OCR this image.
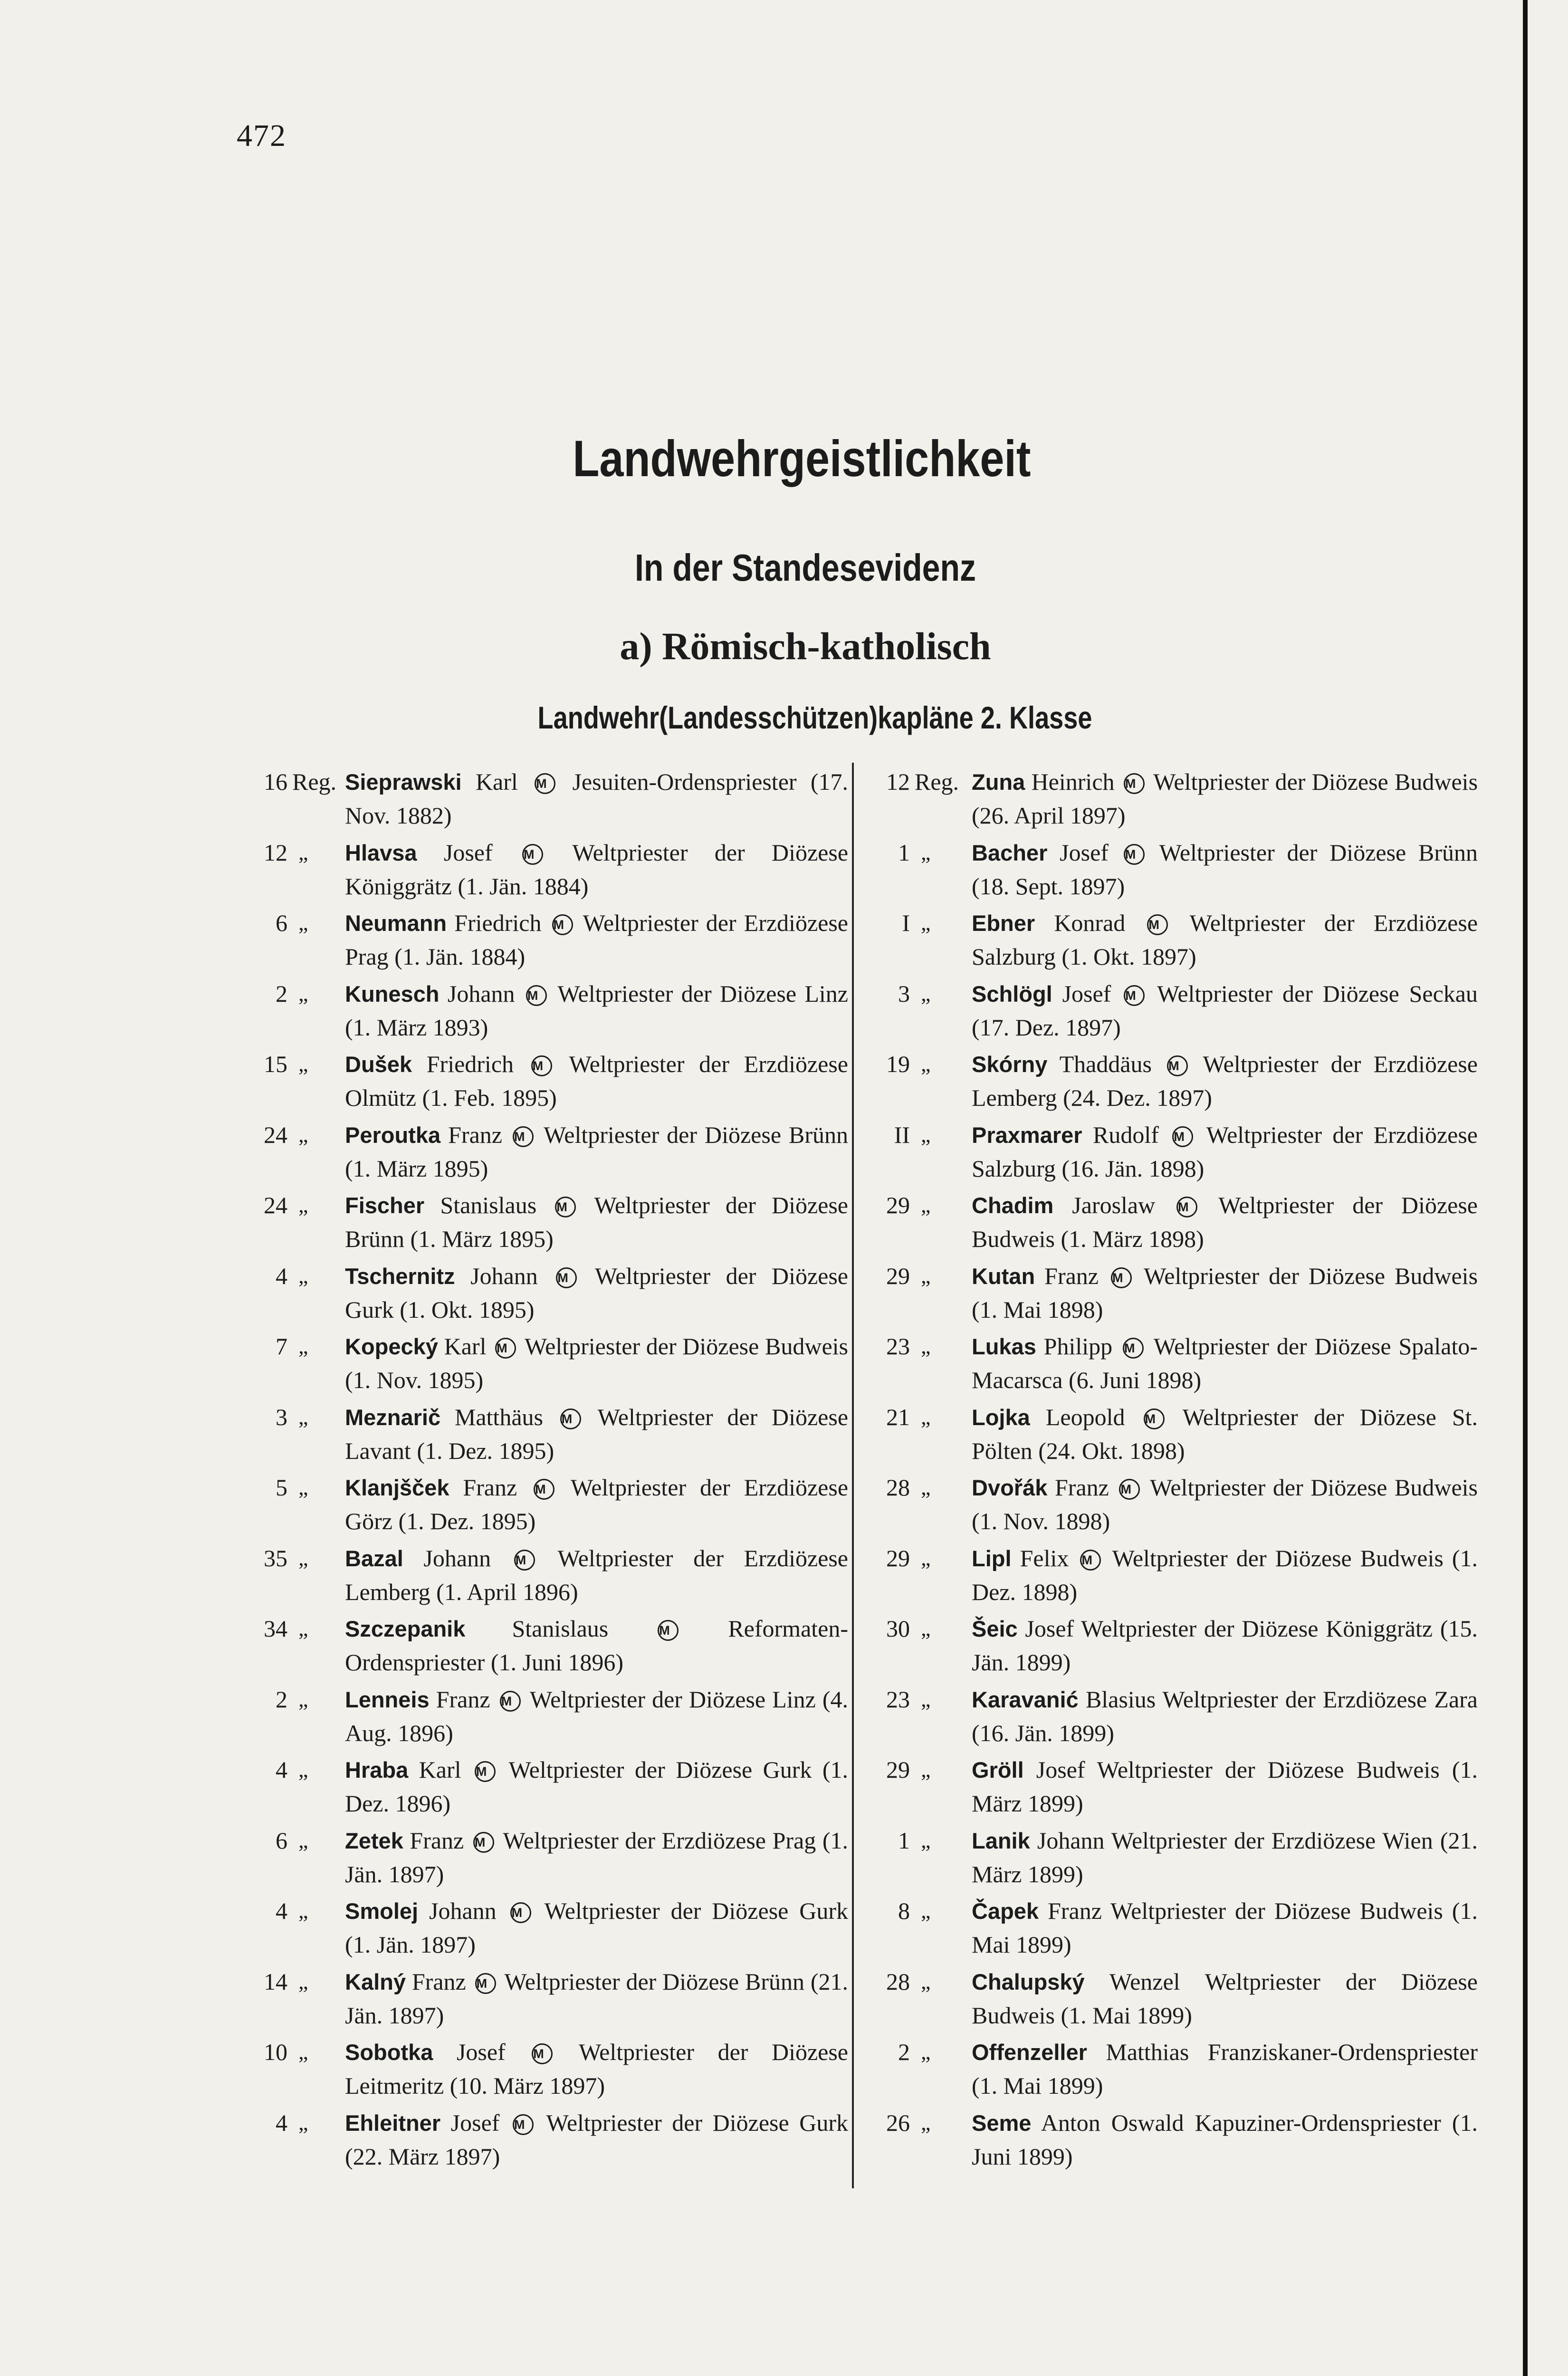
472
Landwehrgeistlichkeit
In der Standesevidenz
a) Römisch-katholisch
Landwehr(Landesschützen)kapläne 2. Klasse
16 Reg. Sieprawski Karl M Jesuiten-Ordenspriester (17. Nov. 1882)
12 „ Hlavsa Josef M Weltpriester der Diözese Königgrätz (1. Jän. 1884)
6 „ Neumann Friedrich M Weltpriester der Erzdiözese Prag (1. Jän. 1884)
2 „ Kunesch Johann M Weltpriester der Diözese Linz (1. März 1893)
15 „ Dušek Friedrich M Weltpriester der Erzdiözese Olmütz (1. Feb. 1895)
24 „ Peroutka Franz M Weltpriester der Diözese Brünn (1. März 1895)
24 „ Fischer Stanislaus M Weltpriester der Diözese Brünn (1. März 1895)
4 „ Tschernitz Johann M Weltpriester der Diözese Gurk (1. Okt. 1895)
7 „ Kopecký Karl M Weltpriester der Diözese Budweis (1. Nov. 1895)
3 „ Meznarič Matthäus M Weltpriester der Diözese Lavant (1. Dez. 1895)
5 „ Klanjšček Franz M Weltpriester der Erzdiözese Görz (1. Dez. 1895)
35 „ Bazal Johann M Weltpriester der Erzdiözese Lemberg (1. April 1896)
34 „ Szczepanik Stanislaus	M Reformaten-Ordenspriester (1. Juni 1896)
2 „ Lenneis Franz M Weltpriester der Diözese Linz (4. Aug. 1896)
4 „ Hraba Karl M Weltpriester der Diözese Gurk (1. Dez. 1896)
6 „ Zetek Franz M Weltpriester der Erzdiözese Prag (1. Jän. 1897)
4 „ Smolej Johann M Weltpriester der Diözese Gurk (1. Jän. 1897)
14 „ Kalný Franz M Weltpriester der Diözese Brünn (21. Jän. 1897)
10 „ Sobotka Josef M Weltpriester der Diözese Leitmeritz (10. März 1897)
4 „ Ehleitner Josef M Weltpriester der Diözese Gurk (22. März 1897)
12 Reg. Zuna Heinrich M Weltpriester der Diözese Budweis (26. April 1897)
1 „ Bacher Josef M Weltpriester der Diözese Brünn (18. Sept. 1897)
I „ Ebner Konrad M Weltpriester der Erzdiözese Salzburg (1. Okt. 1897)
3 „ Schlögl Josef M Weltpriester der Diözese Seckau (17. Dez. 1897)
19 „ Skórny Thaddäus M Weltpriester der Erzdiözese Lemberg (24. Dez. 1897)
II „ Praxmarer Rudolf M Weltpriester der Erzdiözese Salzburg (16. Jän. 1898)
29 „ Chadim Jaroslaw M Weltpriester der Diözese Budweis (1. März 1898)
29 „ Kutan Franz M Weltpriester der Diözese Budweis (1. Mai 1898)
23 „ Lukas Philipp M Weltpriester der Diözese Spalato-Macarsca (6. Juni 1898)
21 „ Lojka Leopold M Weltpriester der Diözese St. Pölten (24. Okt. 1898)
28 „ Dvořák Franz M Weltpriester der Diözese Budweis (1. Nov. 1898)
29 „ Lipl Felix M Weltpriester der Diözese Budweis (1. Dez. 1898)
30 „ Šeic Josef Weltpriester der Diözese Königgrätz (15. Jän. 1899)
23 „ Karavanić Blasius Weltpriester der Erzdiözese Zara (16. Jän. 1899)
29 „ Gröll Josef Weltpriester der Diözese Budweis (1. März 1899)
1 „ Lanik Johann Weltpriester der Erzdiözese Wien (21. März 1899)
8 „ Čapek Franz Weltpriester der Diözese Budweis (1. Mai 1899)
28 „ Chalupský Wenzel Weltpriester der Diözese Budweis (1. Mai 1899)
2 „ Offenzeller Matthias Franziskaner-Ordenspriester (1. Mai 1899)
26 „ Seme Anton Oswald Kapuziner-Ordenspriester (1. Juni 1899)
